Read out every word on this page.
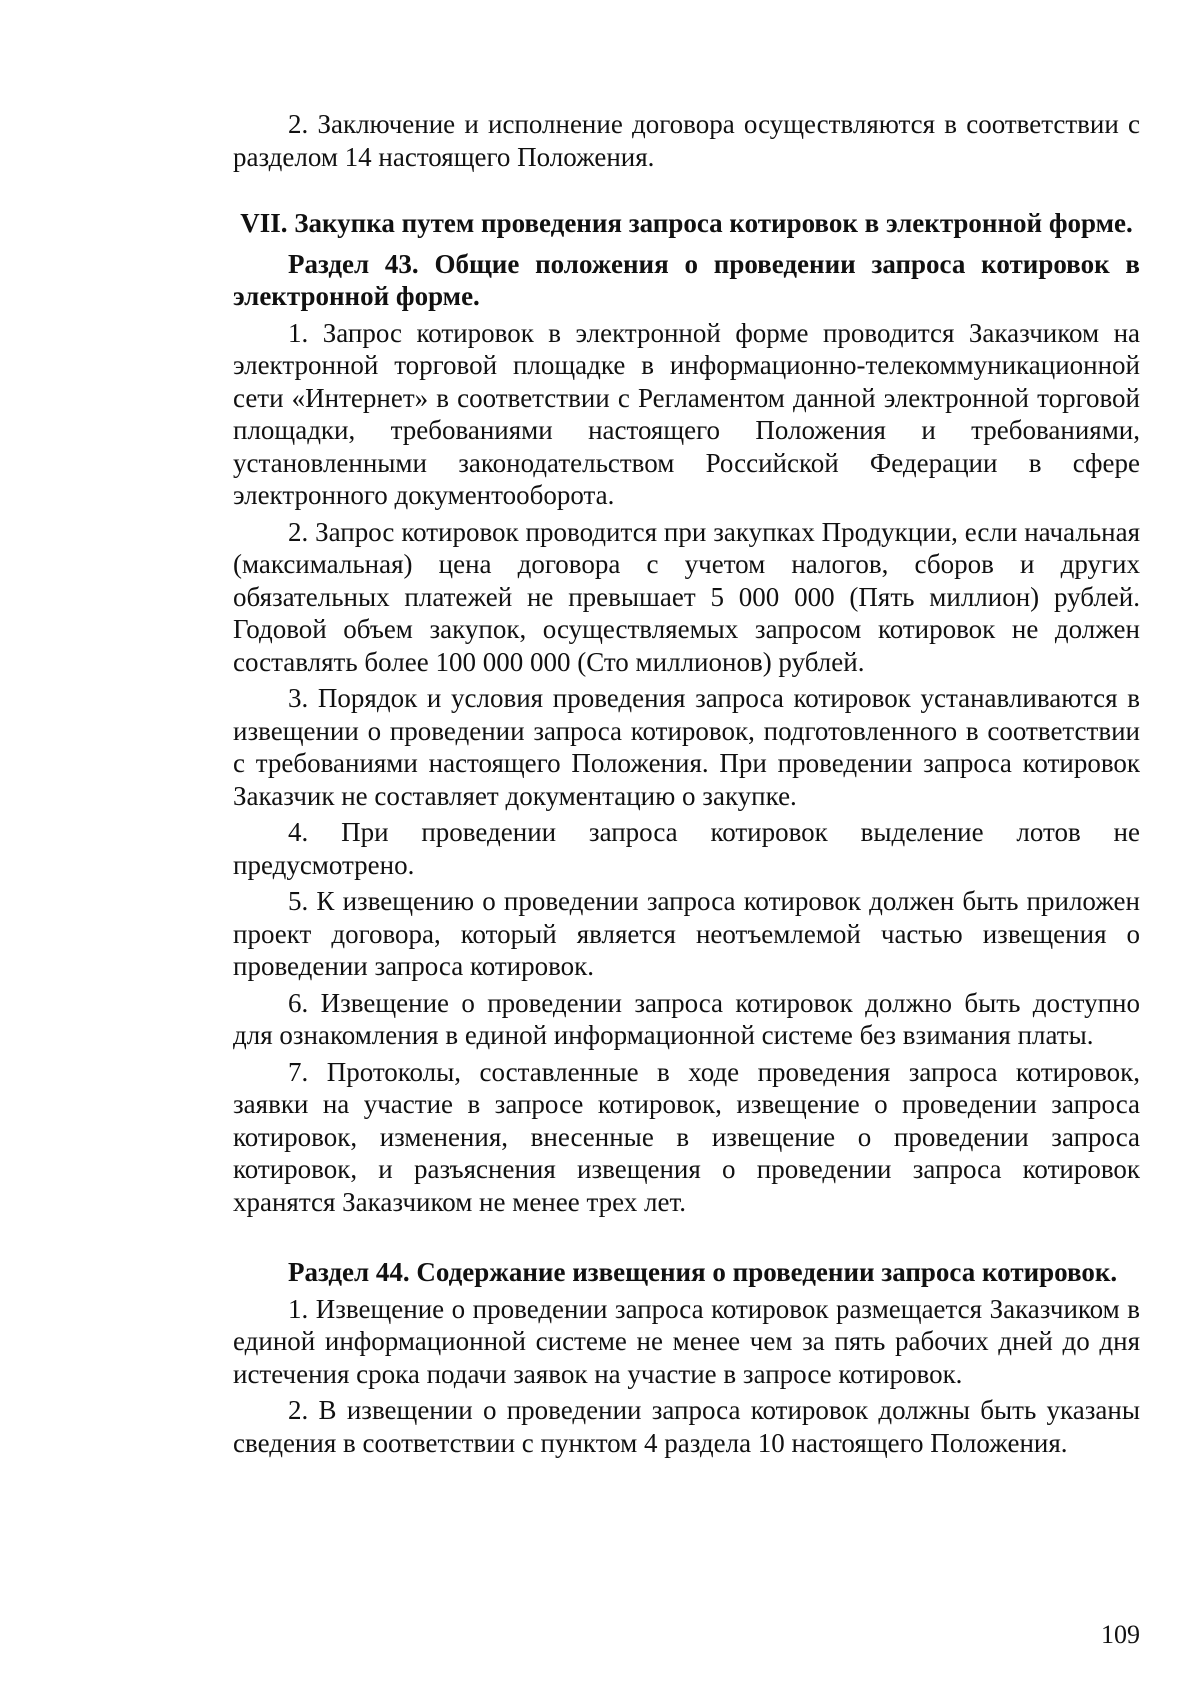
2. Заключение и исполнение договора осуществляются в соответствии с разделом 14 настоящего Положения.

VII. Закупка путем проведения запроса котировок в электронной форме.
Раздел 43. Общие положения о проведении запроса котировок в электронной форме.

1. Запрос котировок в электронной форме проводится Заказчиком на электронной торговой площадке в информационно-телекоммуникационной сети «Интернет» в соответствии с Регламентом данной электронной торговой площадки, требованиями настоящего Положения и требованиями, установленными законодательством Российской Федерации в сфере электронного документооборота.

2. Запрос котировок проводится при закупках Продукции, если начальная (максимальная) цена договора с учетом налогов, сборов и других обязательных платежей не превышает 5 000 000 (Пять миллион) рублей. Годовой объем закупок, осуществляемых запросом котировок не должен составлять более 100 000 000 (Сто миллионов) рублей.

3. Порядок и условия проведения запроса котировок устанавливаются в извещении о проведении запроса котировок, подготовленного в соответствии с требованиями настоящего Положения. При проведении запроса котировок Заказчик не составляет документацию о закупке.

4. При проведении запроса котировок выделение лотов не предусмотрено.

5. К извещению о проведении запроса котировок должен быть приложен проект договора, который является неотъемлемой частью извещения о проведении запроса котировок.

6. Извещение о проведении запроса котировок должно быть доступно для ознакомления в единой информационной системе без взимания платы.

7. Протоколы, составленные в ходе проведения запроса котировок, заявки на участие в запросе котировок, извещение о проведении запроса котировок, изменения, внесенные в извещение о проведении запроса котировок, и разъяснения извещения о проведении запроса котировок хранятся Заказчиком не менее трех лет.

Раздел 44. Содержание извещения о проведении запроса котировок.

1. Извещение о проведении запроса котировок размещается Заказчиком в единой информационной системе не менее чем за пять рабочих дней до дня истечения срока подачи заявок на участие в запросе котировок.

2. В извещении о проведении запроса котировок должны быть указаны сведения в соответствии с пунктом 4 раздела 10 настоящего Положения.

109
